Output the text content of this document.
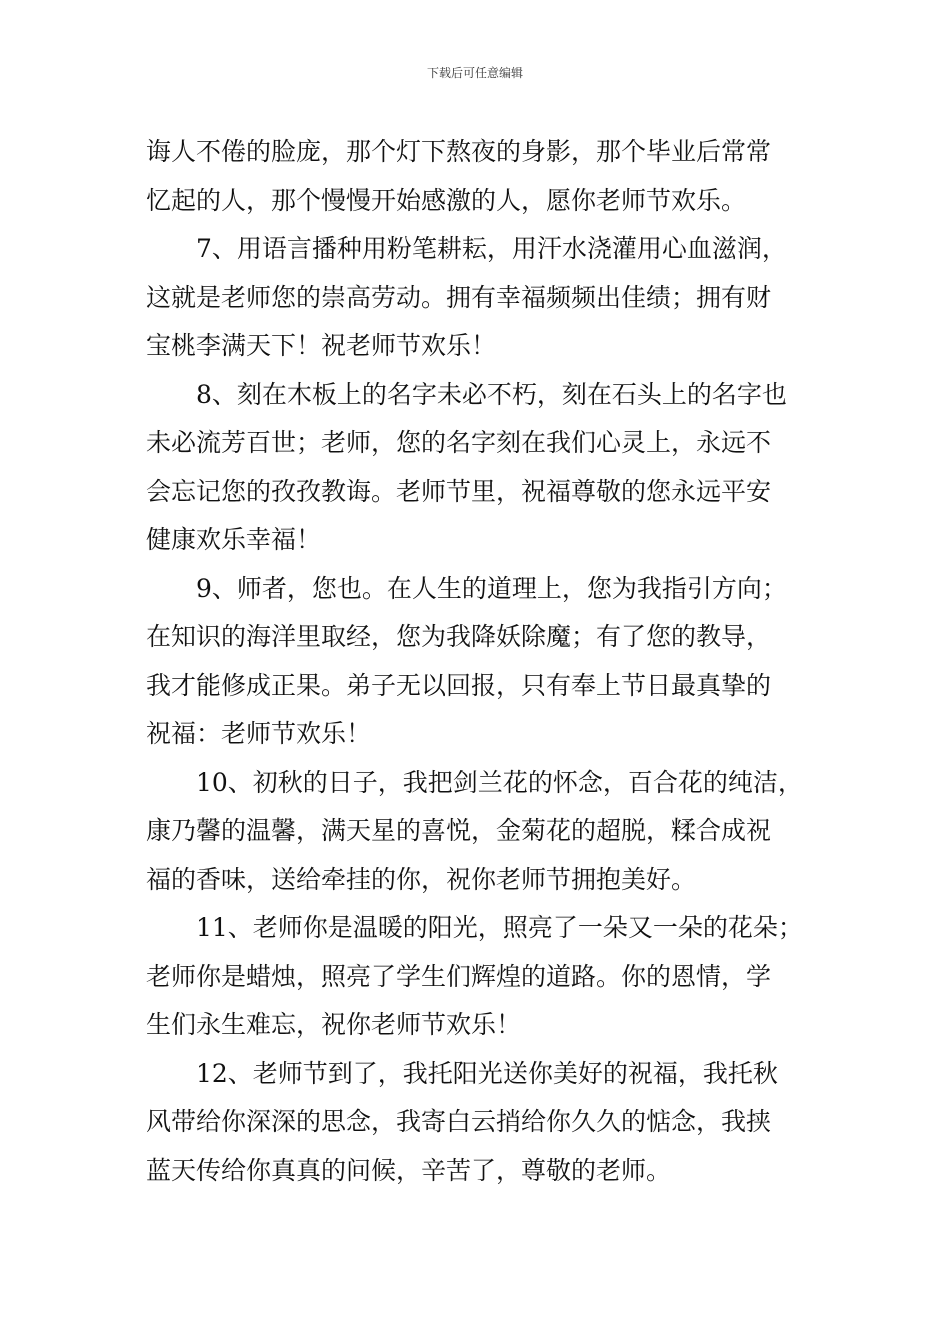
下载后可任意编辑
诲人不倦的脸庞，那个灯下熬夜的身影，那个毕业后常常
忆起的人，那个慢慢开始感激的人，愿你老师节欢乐。
7、用语言播种用粉笔耕耘，用汗水浇灌用心血滋润，
这就是老师您的崇高劳动。拥有幸福频频出佳绩；拥有财
宝桃李满天下！祝老师节欢乐！
8、刻在木板上的名字未必不朽，刻在石头上的名字也
未必流芳百世；老师，您的名字刻在我们心灵上，永远不
会忘记您的孜孜教诲。老师节里，祝福尊敬的您永远平安
健康欢乐幸福！
9、师者，您也。在人生的道理上，您为我指引方向；
在知识的海洋里取经，您为我降妖除魔；有了您的教导，
我才能修成正果。弟子无以回报，只有奉上节日最真挚的
祝福：老师节欢乐！
10、初秋的日子，我把剑兰花的怀念，百合花的纯洁，
康乃馨的温馨，满天星的喜悦，金菊花的超脱，糅合成祝
福的香味，送给牵挂的你，祝你老师节拥抱美好。
11、老师你是温暖的阳光，照亮了一朵又一朵的花朵；
老师你是蜡烛，照亮了学生们辉煌的道路。你的恩情，学
生们永生难忘，祝你老师节欢乐！
12、老师节到了，我托阳光送你美好的祝福，我托秋
风带给你深深的思念，我寄白云捎给你久久的惦念，我挟
蓝天传给你真真的问候，辛苦了，尊敬的老师。
